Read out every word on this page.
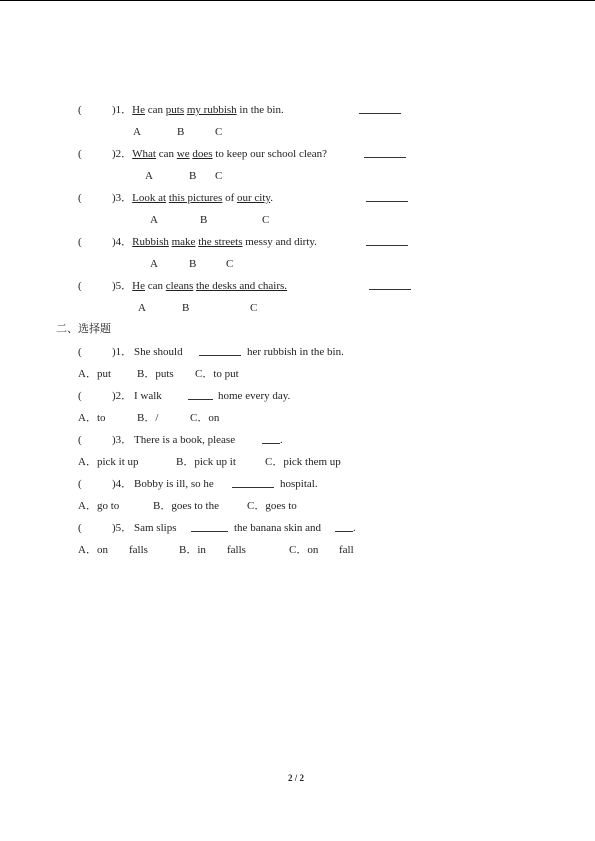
(	)1．He can puts my rubbish in the bin.
A	B	C
(	)2．What can we does to keep our school clean?
A	B C
(	)3．Look at this pictures of our city.
A	B	C
(	)4．Rubbish make the streets messy and dirty.
A	B	C
(	)5．He can cleans the desks and chairs.
A	B	C
二、选择题
(	)1． She should	her rubbish in the bin.
A．put B．puts C．to put
(	)2． I walk	home every day.
A．to	B．/	C．on
(	)3． There is a book, please	.
A．pick it up	B．pick up it	C．pick them up
(	)4． Bobby is ill, so he	hospital.
A．go to	B．goes to the	C．goes to
(	)5． Sam slips	the banana skin and	.
A．on falls	B．in falls	C．on fall
2 / 2
